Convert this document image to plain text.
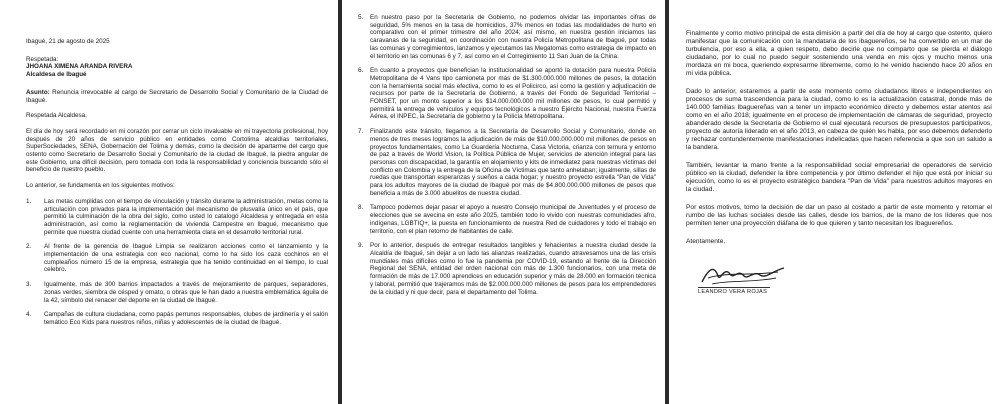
Ibagué, 21 de agosto de 2025
Respetada:
JHOANA XIMENA ARANDA RIVERA
Alcaldesa de Ibagué

Asunto: Renuncia irrevocable al cargo de Secretario de Desarrollo Social y Comunitario de la Ciudad de Ibagué.

Respetada Alcaldesa,

El día de hoy será recordado en mi corazón por cerrar un ciclo invaluable en mi trayectoria profesional, hoy después de 20 años de servicio público en entidades como Cortolima alcaldías territoriales, SuperSociedades, SENA, Gobernación del Tolima y demás, como la decisión de apartarme del cargo que ostento como Secretario de Desarrollo Social y Comunitario de la ciudad de Ibagué, la piedra angular de este Gobierno, una difícil decisión, pero tomada con toda la responsabilidad y conciencia buscando sólo el beneficio de nuestro pueblo.

Lo anterior, se fundamenta en los siguientes motivos:

1. Las metas cumplidas con el tiempo de vinculación y tránsito durante la administración, metas como la articulación con privados para la implementación del mecanismo de plusvalía único en el país, que permitió la culminación de la obra del siglo, como usted lo catalogó Alcaldesa y entregada en esta administración, así como la reglamentación de vivienda Campestre en Ibagué, mecanismo que permite que nuestra ciudad cuente con una herramienta clara en el desarrollo territorial rural.
2. Al frente de la gerencia de Ibagué Limpia se realizaron acciones como el lanzamiento y la implementación de una estrategia con eco nacional, como lo ha sido los caza cochinos en el cumpleaños número 15 de la empresa, estrategia que ha tenido continuidad en el tiempo, lo cual celebro.
3. Igualmente, más de 300 barrios impactados a través de mejoramiento de parques, separadores, zonas verdes, siembra de césped y ornato, o obras que le han dado a nuestra emblemática águila de la 42, símbolo del renacer del deporte en la ciudad de Ibagué.
4. Campañas de cultura ciudadana, como papás perrunos responsables, clubes de jardinería y el salón temático Eco Kids para nuestros niños, niñas y adolescentes de la ciudad de Ibagué.
5. En nuestro paso por la Secretaría de Gobierno, no podemos olvidar las importantes cifras de seguridad, 5% menos en la tasa de homicidios, 37% menos en todas las modalidades de hurto en comparativo con el primer trimestre del año 2024; así mismo, en nuestra gestión iniciamos las caravanas de la seguridad, en coordinación con nuestra Policía Metropolitana de Ibagué, por todas las comunas y corregimientos, lanzamos y ejecutamos las Megatomas como estrategia de impacto en el territorio en las comunas 6 y 7, así como en el Corregimiento 11 San Juan de la China.
6. En cuanto a proyectos que benefician la institucionalidad se aportó la dotación para nuestra Policía Metropolitana de 4 Vans tipo camioneta por más de $1.300.000.000 millones de pesos, la dotación con la herramienta social más efectiva, como lo es el Policirco, así como la gestión y adjudicación de recursos por parte de la Secretaría de Gobierno, a través del Fondo de Seguridad Territorial – FONSET, por un monto superior a los $14.000.000.000 mil millones de pesos, lo cual permitió y permitirá la entrega de vehículos y equipos tecnológicos a nuestro Ejército Nacional, nuestra Fuerza Aérea, el INPEC, la Secretaría de gobierno y la Policía Metropolitana.
7. Finalizando este tránsito, llegamos a la Secretaría de Desarrollo Social y Comunitario, donde en menos de tres meses logramos la adjudicación de más de $10.000.000.000 mil millones de pesos en proyectos fundamentales, como La Guardería Nocturna, Casa Victoria, crianza con ternura y entorno de paz a través de World Vision, la Política Pública de Mujer, servicios de atención integral para las personas con discapacidad, la garantía en alojamiento y kits de inmediatez para nuestras víctimas del conflicto en Colombia y la entrega de la Oficina de Víctimas que tanto anhelaban; igualmente, sillas de ruedas que transportan esperanzas y sueños a cada hogar; y nuestro proyecto estrella "Pan de Vida" para los adultos mayores de la ciudad de Ibagué por más de $4.800.000.000 millones de pesos que beneficia a más de 3.000 abuelitos de nuestra ciudad.
8. Tampoco podemos dejar pasar el apoyo a nuestro Consejo municipal de Juventudes y el proceso de elecciones que se avecina en este año 2025, también todo lo vivido con nuestras comunidades afro, indígenas, LGBTIQ+, la puesta en funcionamiento de nuestra Red de cuidadores y todo el trabajo en territorio, con el plan retorno de habitantes de calle.
9. Por lo anterior, después de entregar resultados tangibles y fehacientes a nuestra ciudad desde la Alcaldía de Ibagué, sin dejar a un lado las alianzas realizadas, cuando atravesamos una de las crisis mundiales más difíciles como lo fue la pandemia por COVID-19, estando al frente de la Dirección Regional del SENA, entidad del orden nacional con más de 1.300 funcionarios, con una meta de formación de más de 17.000 aprendices en educación superior y más de 28.000 en formación técnica y laboral, permitió que trajeramos más de $2.000.000.000 millones de pesos para los emprendedores de la ciudad y ni que decir, para el departamento del Tolima.

Finalmente y como motivo principal de esta dimisión a partir del día de hoy al cargo que ostento, quiero manifestar que la comunicación con la mandataria de los ibaguereños, se ha convertido en un mar de turbulencia, por eso a ella, a quien respeto, debo decirle que no comparto que se pierda el diálogo ciudadano, por lo cual no puedo seguir sosteniendo una venda en mis ojos y mucho menos una mordaza en mi boca, queriendo expresarme libremente, como lo he venido haciendo hace 20 años en mi vida pública.

Dado lo anterior, estaremos a partir de este momento como ciudadanos libres e independientes en procesos de suma trascendencia para la ciudad, como lo es la actualización catastral, donde más de 140.000 familias Ibaguereñas van a tener un impacto económico directo y debemos estar atentos así como en el año 2018; igualmente en el proceso de implementación de cámaras de seguridad, proyecto abanderado desde la Secretaría de Gobierno el cual ejecutará recursos de presupuestos participativos, proyecto de autoría liderado en el año 2013, en cabeza de quién les habla, por eso debemos defenderlo y rechazar contundentemente manifestaciones indelicadas que hacen referencia a que son un saludo a la bandera.

También, levantar la mano frente a la responsabilidad social empresarial de operadores de servicio público en la ciudad, defender la libre competencia y por último defender el hijo que está por iniciar su ejecución, como lo es el proyecto estratégico bandera "Pan de Vida" para nuestros adultos mayores en la ciudad.

Por estos motivos, tomo la decisión de dar un paso al costado a partir de este momento y retomar el rumbo de las luchas sociales desde las calles, desde los barrios, de la mano de los líderes que nos permiten tener una proyección diáfana de lo que quieren y tanto necesitan los Ibaguereños.

Atentamente,

LEANDRO VERA ROJAS
